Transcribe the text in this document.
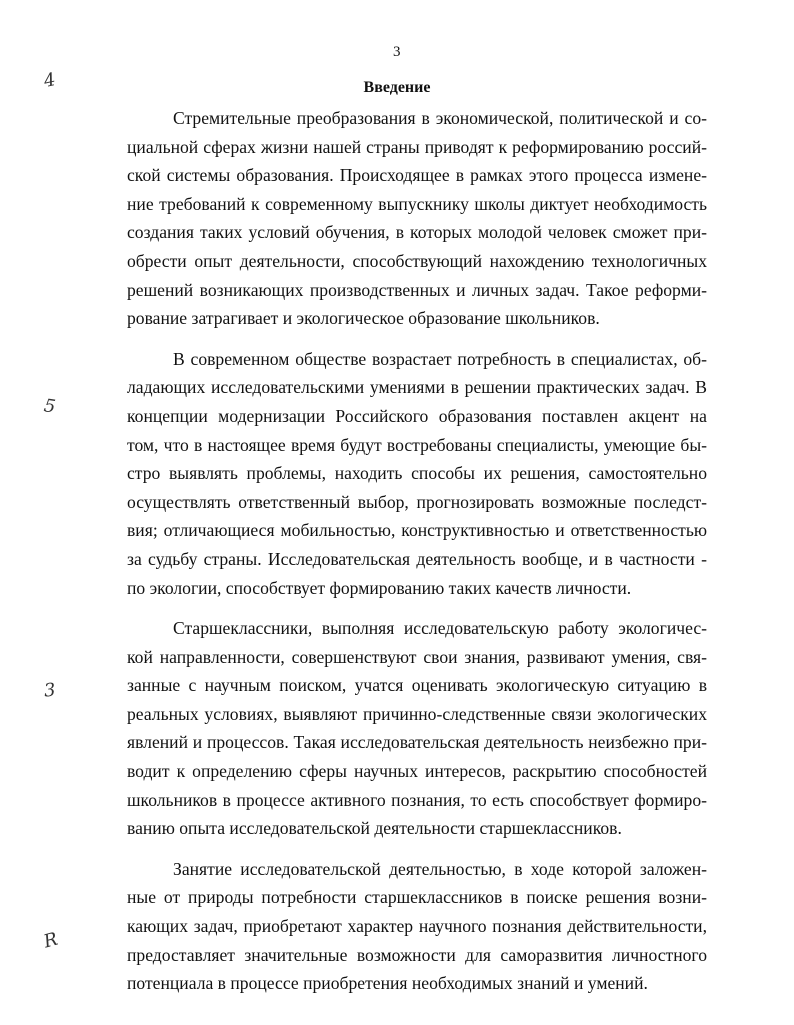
3
Введение
4
5
3
R
Стремительные преобразования в экономической, политической и со-
циальной сферах жизни нашей страны приводят к реформированию россий-
ской системы образования. Происходящее в рамках этого процесса измене-
ние требований к современному выпускнику школы диктует необходимость
создания таких условий обучения, в которых молодой человек сможет при-
обрести опыт деятельности, способствующий нахождению технологичных
решений возникающих производственных и личных задач. Такое реформи-
рование затрагивает и экологическое образование школьников.
В современном обществе возрастает потребность в специалистах, об-
ладающих исследовательскими умениями в решении практических задач. В
концепции модернизации Российского образования поставлен акцент на
том, что в настоящее время будут востребованы специалисты, умеющие бы-
стро выявлять проблемы, находить способы их решения, самостоятельно
осуществлять ответственный выбор, прогнозировать возможные последст-
вия; отличающиеся мобильностью, конструктивностью и ответственностью
за судьбу страны. Исследовательская деятельность вообще, и в частности -
по экологии, способствует формированию таких качеств личности.
Старшеклассники, выполняя исследовательскую работу экологичес-
кой направленности, совершенствуют свои знания, развивают умения, свя-
занные с научным поиском, учатся оценивать экологическую ситуацию в
реальных условиях, выявляют причинно-следственные связи экологических
явлений и процессов. Такая исследовательская деятельность неизбежно при-
водит к определению сферы научных интересов, раскрытию способностей
школьников в процессе активного познания, то есть способствует формиро-
ванию опыта исследовательской деятельности старшеклассников.
Занятие исследовательской деятельностью, в ходе которой заложен-
ные от природы потребности старшеклассников в поиске решения возни-
кающих задач, приобретают характер научного познания действительности,
предоставляет значительные возможности для саморазвития личностного
потенциала в процессе приобретения необходимых знаний и умений.
